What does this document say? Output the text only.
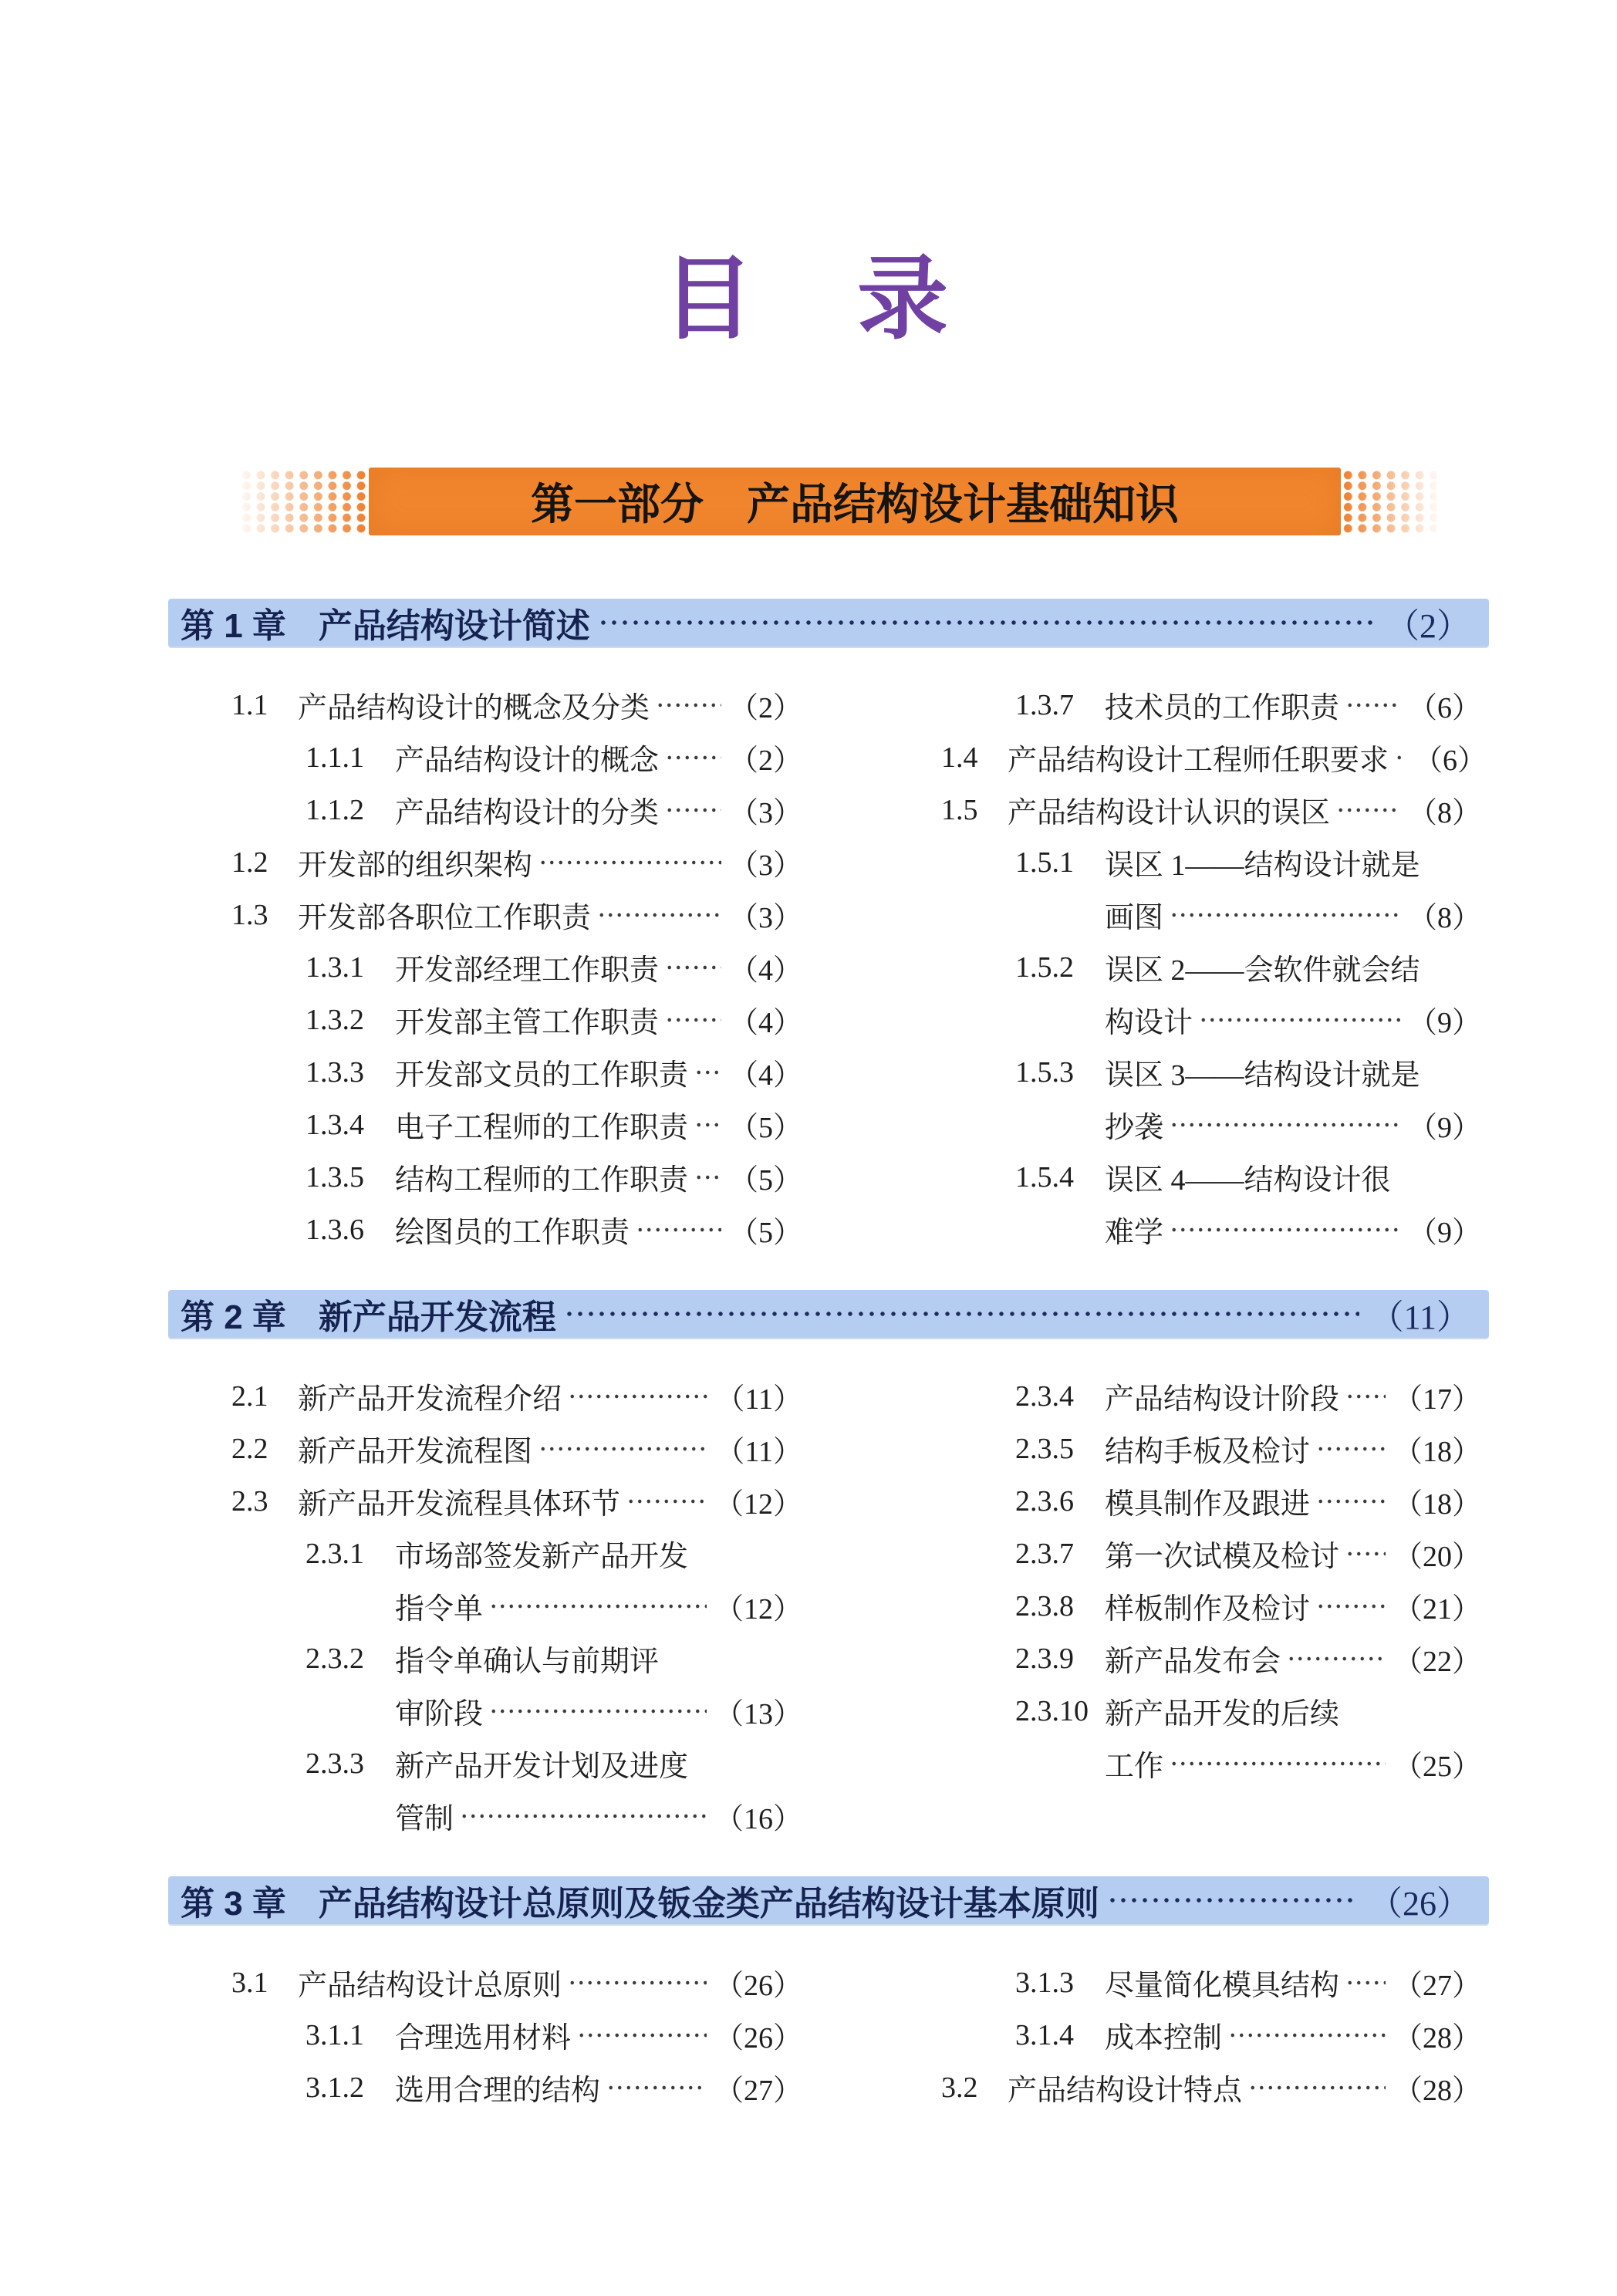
目　录
第一部分 产品结构设计基础知识
第 1 章 产品结构设计简述	（2）
1.1	产品结构设计的概念及分类	（2）
1.1.1	产品结构设计的概念 （2）
1.1.2	产品结构设计的分类 （3）
1.2	开发部的组织架构	（3）
1.3	开发部各职位工作职责	（3）
1.3.1	开发部经理工作职责 （4）
1.3.2	开发部主管工作职责 （4）
1.3.3	开发部文员的工作职责 （4）
1.3.4	电子工程师的工作职责 （5）
1.3.5	结构工程师的工作职责 （5）
1.3.6	绘图员的工作职责	（5）
1.3.7	技术员的工作职责 （6）
1.4	产品结构设计工程师任职要求 （6）
1.5	产品结构设计认识的误区	（8）
1.5.1	误区 1——结构设计就是
画图	（8）
1.5.2	误区 2——会软件就会结
构设计	（9）
1.5.3	误区 3——结构设计就是
抄袭	（9）
1.5.4	误区 4——结构设计很
难学	（9）
第 2 章 新产品开发流程	（11）
2.1	新产品开发流程介绍	（11）
2.2	新产品开发流程图	（11）
2.3	新产品开发流程具体环节	（12）
2.3.1	市场部签发新产品开发
指令单	（12）
2.3.2	指令单确认与前期评
审阶段	（13）
2.3.3	新产品开发计划及进度
管制	（16）
2.3.4	产品结构设计阶段 （17）
2.3.5	结构手板及检讨	（18）
2.3.6	模具制作及跟进	（18）
2.3.7	第一次试模及检讨 （20）
2.3.8	样板制作及检讨	（21）
2.3.9	新产品发布会	（22）
2.3.10 新产品开发的后续
工作	（25）
第 3 章 产品结构设计总原则及钣金类产品结构设计基本原则	（26）
3.1	产品结构设计总原则	（26）
3.1.1	合理选用材料	（26）
3.1.2	选用合理的结构	（27）
3.1.3	尽量简化模具结构 （27）
3.1.4	成本控制	（28）
3.2	产品结构设计特点	（28）
